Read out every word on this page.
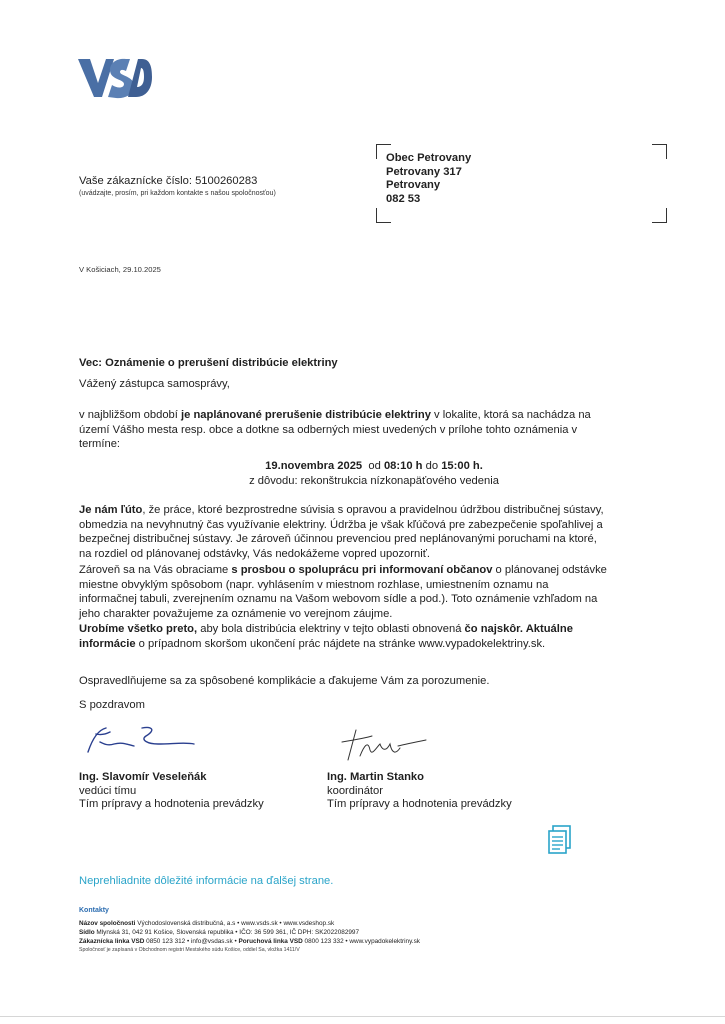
Vaše zákaznícke číslo: 5100260283
(uvádzajte, prosím, pri každom kontakte s našou spoločnosťou)
Obec Petrovany
Petrovany 317
Petrovany
082 53
V Košiciach, 29.10.2025
Vec: Oznámenie o prerušení distribúcie elektriny
Vážený zástupca samosprávy,
v najbližšom období je naplánované prerušenie distribúcie elektriny v lokalite, ktorá sa nachádza na
území Vášho mesta resp. obce a dotkne sa odberných miest uvedených v prílohe tohto oznámenia v
termíne:
19.novembra 2025 od 08:10 h do 15:00 h.
z dôvodu: rekonštrukcia nízkonapäťového vedenia
Je nám ľúto, že práce, ktoré bezprostredne súvisia s opravou a pravidelnou údržbou distribučnej sústavy,
obmedzia na nevyhnutný čas využívanie elektriny. Údržba je však kľúčová pre zabezpečenie spoľahlivej a
bezpečnej distribučnej sústavy. Je zároveň účinnou prevenciou pred neplánovanými poruchami na ktoré,
na rozdiel od plánovanej odstávky, Vás nedokážeme vopred upozorniť.
Zároveň sa na Vás obraciame s prosbou o spoluprácu pri informovaní občanov o plánovanej odstávke
miestne obvyklým spôsobom (napr. vyhlásením v miestnom rozhlase, umiestnením oznamu na
informačnej tabuli, zverejnením oznamu na Vašom webovom sídle a pod.). Toto oznámenie vzhľadom na
jeho charakter považujeme za oznámenie vo verejnom záujme.
Urobíme všetko preto, aby bola distribúcia elektriny v tejto oblasti obnovená čo najskôr. Aktuálne
informácie o prípadnom skoršom ukončení prác nájdete na stránke www.vypadokelektriny.sk.
Ospravedlňujeme sa za spôsobené komplikácie a ďakujeme Vám za porozumenie.
S pozdravom
Ing. Slavomír Veseleňák
vedúci tímu
Tím prípravy a hodnotenia prevádzky
Ing. Martin Stanko
koordinátor
Tím prípravy a hodnotenia prevádzky
Neprehliadnite dôležité informácie na ďalšej strane.
Kontakty
Názov spoločnosti Východoslovenská distribučná, a.s • www.vsds.sk • www.vsdeshop.sk
Sídlo Mlynská 31, 042 91 Košice, Slovenská republika • IČO: 36 599 361, IČ DPH: SK2022082997
Zákaznícka linka VSD 0850 123 312 • info@vsdas.sk • Poruchová linka VSD 0800 123 332 • www.vypadokelektriny.sk
Spoločnosť je zapísaná v Obchodnom registri Mestského súdu Košice, oddiel Sa, vložka 1411/V
